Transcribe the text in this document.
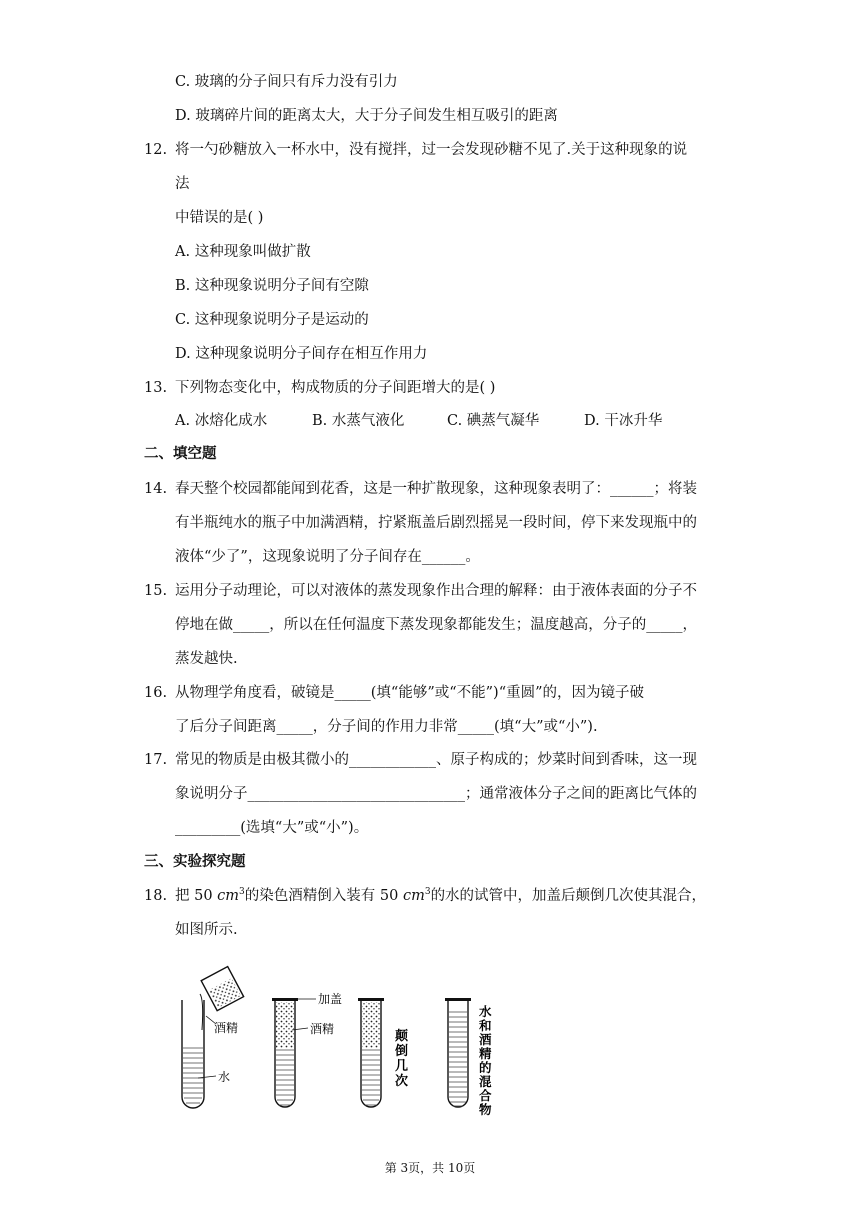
C. 玻璃的分子间只有斥力没有引力
D. 玻璃碎片间的距离太大，大于分子间发生相互吸引的距离
12. 将一勺砂糖放入一杯水中，没有搅拌，过一会发现砂糖不见了.关于这种现象的说
法
中错误的是( )
A. 这种现象叫做扩散
B. 这种现象说明分子间有空隙
C. 这种现象说明分子是运动的
D. 这种现象说明分子间存在相互作用力
13. 下列物态变化中，构成物质的分子间距增大的是( )
A. 冰熔化成水	B. 水蒸气液化	C. 碘蒸气凝华	D. 干冰升华
二、填空题
14. 春天整个校园都能闻到花香，这是一种扩散现象，这种现象表明了：______；将装
有半瓶纯水的瓶子中加满酒精，拧紧瓶盖后剧烈摇晃一段时间，停下来发现瓶中的
液体“少了”，这现象说明了分子间存在______。
15. 运用分子动理论，可以对液体的蒸发现象作出合理的解释：由于液体表面的分子不
停地在做_____，所以在任何温度下蒸发现象都能发生；温度越高，分子的_____，
蒸发越快.
16. 从物理学角度看，破镜是_____(填“能够”或“不能”)“重圆”的，因为镜子破
了后分子间距离_____，分子间的作用力非常_____(填“大”或“小”).
17. 常见的物质是由极其微小的____________、原子构成的；炒菜时间到香味，这一现
象说明分子______________________________；通常液体分子之间的距离比气体的
_________(选填“大”或“小”)。
三、实验探究题
18. 把 50 $cm^3$的染色酒精倒入装有 50 $cm^3$的水的试管中，加盖后颠倒几次使其混合，
如图所示.
酒精
水
加盖
酒精	颠
倒
几
次
水
和
酒
精
的
混
合
物
第 3页，共 10页
